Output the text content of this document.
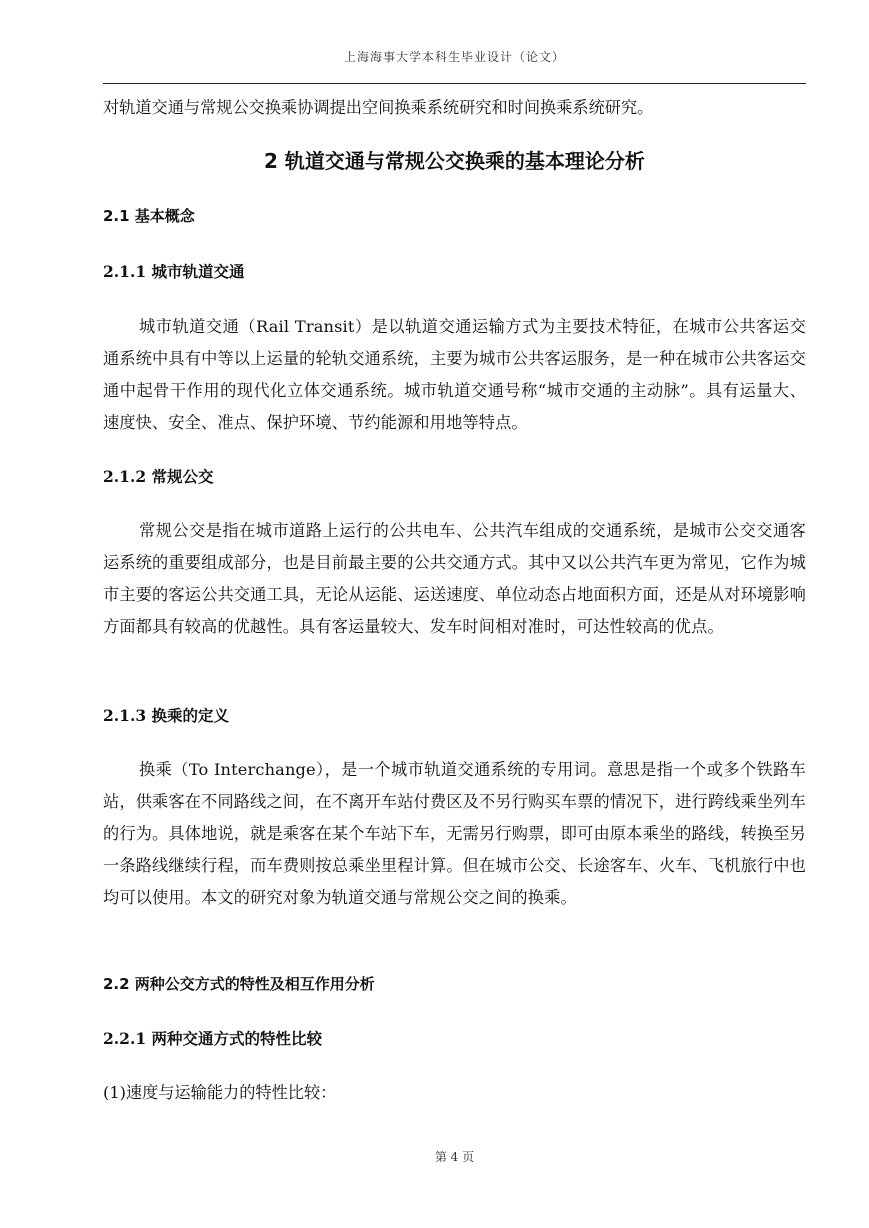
上海海事大学本科生毕业设计（论文）

对轨道交通与常规公交换乘协调提出空间换乘系统研究和时间换乘系统研究。

2 轨道交通与常规公交换乘的基本理论分析
2.1 基本概念
2.1.1 城市轨道交通

城市轨道交通（Rail Transit）是以轨道交通运输方式为主要技术特征，在城市公共客运交通系统中具有中等以上运量的轮轨交通系统，主要为城市公共客运服务，是一种在城市公共客运交通中起骨干作用的现代化立体交通系统。城市轨道交通号称“城市交通的主动脉”。具有运量大、速度快、安全、准点、保护环境、节约能源和用地等特点。

2.1.2 常规公交

常规公交是指在城市道路上运行的公共电车、公共汽车组成的交通系统，是城市公交交通客运系统的重要组成部分，也是目前最主要的公共交通方式。其中又以公共汽车更为常见，它作为城市主要的客运公共交通工具，无论从运能、运送速度、单位动态占地面积方面，还是从对环境影响方面都具有较高的优越性。具有客运量较大、发车时间相对准时，可达性较高的优点。

2.1.3 换乘的定义

换乘（To Interchange），是一个城市轨道交通系统的专用词。意思是指一个或多个铁路车站，供乘客在不同路线之间，在不离开车站付费区及不另行购买车票的情况下，进行跨线乘坐列车的行为。具体地说，就是乘客在某个车站下车，无需另行购票，即可由原本乘坐的路线，转换至另一条路线继续行程，而车费则按总乘坐里程计算。但在城市公交、长途客车、火车、飞机旅行中也均可以使用。本文的研究对象为轨道交通与常规公交之间的换乘。

2.2 两种公交方式的特性及相互作用分析
2.2.1 两种交通方式的特性比较

(1)速度与运输能力的特性比较：

第 4 页
